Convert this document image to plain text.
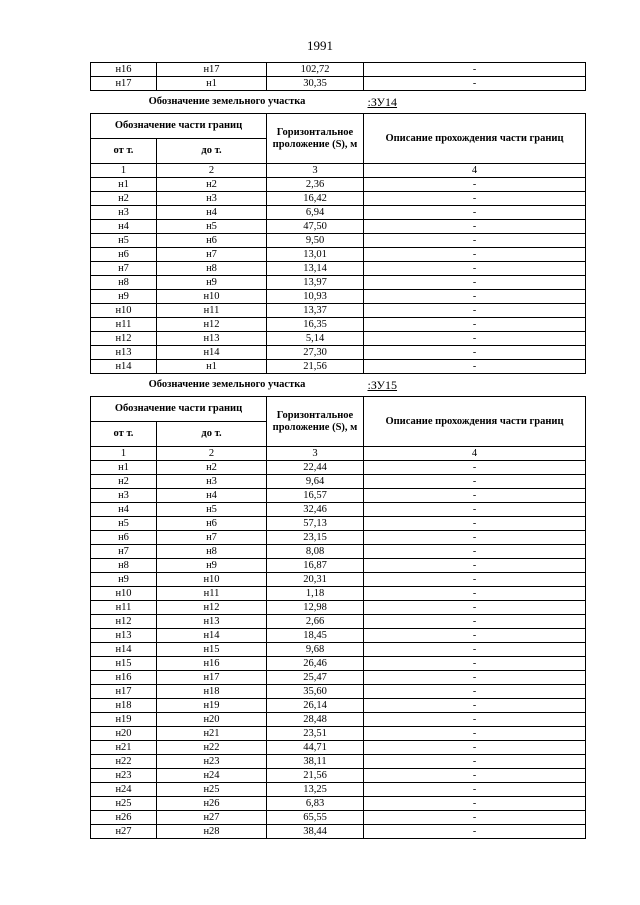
1991
н16	н17	102,72	-
н17	н1	30,35	-
Обозначение земельного участка			:ЗУ14
Обозначение части границ		Горизонтальное проложение (S), м	Описание прохождения части границ
от т.	до т.		
1	2	3	4
н1	н2	2,36	-
н2	н3	16,42	-
н3	н4	6,94	-
н4	н5	47,50	-
н5	н6	9,50	-
н6	н7	13,01	-
н7	н8	13,14	-
н8	н9	13,97	-
н9	н10	10,93	-
н10	н11	13,37	-
н11	н12	16,35	-
н12	н13	5,14	-
н13	н14	27,30	-
н14	н1	21,56	-
Обозначение земельного участка			:ЗУ15
Обозначение части границ		Горизонтальное проложение (S), м	Описание прохождения части границ
от т.	до т.		
1	2	3	4
н1	н2	22,44	-
н2	н3	9,64	-
н3	н4	16,57	-
н4	н5	32,46	-
н5	н6	57,13	-
н6	н7	23,15	-
н7	н8	8,08	-
н8	н9	16,87	-
н9	н10	20,31	-
н10	н11	1,18	-
н11	н12	12,98	-
н12	н13	2,66	-
н13	н14	18,45	-
н14	н15	9,68	-
н15	н16	26,46	-
н16	н17	25,47	-
н17	н18	35,60	-
н18	н19	26,14	-
н19	н20	28,48	-
н20	н21	23,51	-
н21	н22	44,71	-
н22	н23	38,11	-
н23	н24	21,56	-
н24	н25	13,25	-
н25	н26	6,83	-
н26	н27	65,55	-
н27	н28	38,44	-
